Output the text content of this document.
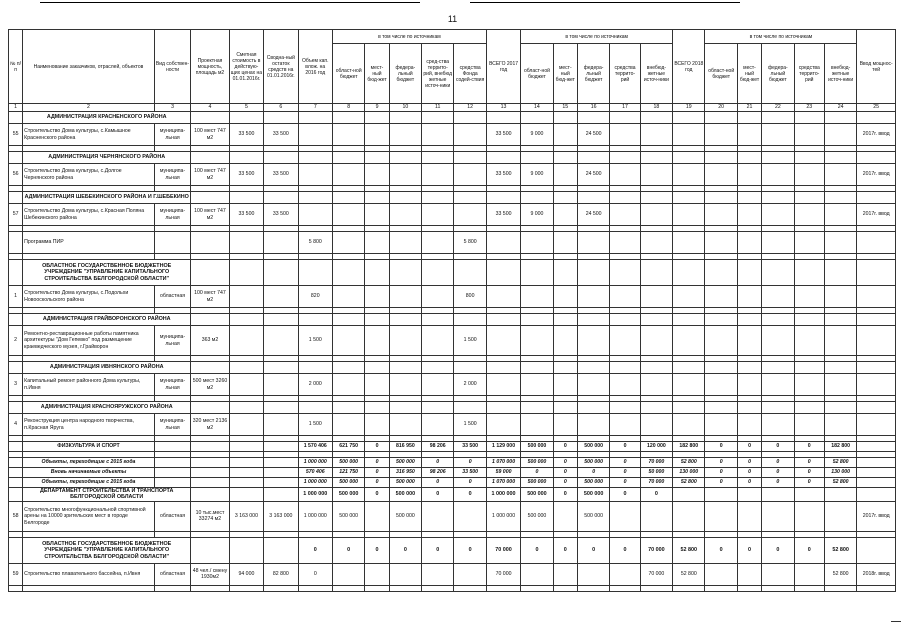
11
№ п/п	Наименование заказчиков, отраслей, объектов	Вид собствен-ности	Проектная мощность, площадь м2	Сметная стоимость в действую-щих ценах на 01.01.2016г.	Сводна-ный остаток средств на 01.01.2016г.	Объем кап. влож. на 2016 год	в том числе по источникам					ВСЕГО 2017 год	в том числе по источникам					ВСЕГО 2018 год	в том числе по источникам					Ввод мощнос-тей
							област-ной бюджет	мест-ный бюд-жет	федера-льный бюджет	сред-ства террито-рий, внебюд жетные источ-ники	средства Фонда содей-ствия		област-ной бюджет	мест-ный бюд-жет	федера-льный бюджет	средства террито-рий	внебюд-жетные источ-ники		област-ной бюджет	мест-ный бюд-жет	федера-льный бюджет	средства террито-рий	внебюд-жетные источ-ники	
1	2	3	4	5	6	7	8	9	10	11	12	13	14	15	16	17	18	19	20	21	22	23	24	25
	АДМИНИСТРАЦИЯ КРАСНЕНСКОГО РАЙОНА																							
55	Строительство Дома культуры, с.Камышное Красненского района	муниципа-льная	100 мест 747 м2	33 500	33 500							33 500	9 000		24 500									2017г. ввод

	АДМИНИСТРАЦИЯ ЧЕРНЯНСКОГО РАЙОНА																							
56	Строительство Дома культуры, с.Долгое Чернянского района	муниципа-льная	100 мест 747 м2	33 500	33 500							33 500	9 000		24 500									2017г. ввод

	АДМИНИСТРАЦИЯ ШЕБЕКИНСКОГО РАЙОНА И Г.ШЕБЕКИНО																							
57	Строительство Дома культуры, с.Красная Поляна Шебекинского района	муниципа-льная	100 мест 747 м2	33 500	33 500							33 500	9 000		24 500									2017г. ввод

	Программа ПИР					5 800					5 800													

	ОБЛАСТНОЕ ГОСУДАРСТВЕННОЕ БЮДЖЕТНОЕ УЧРЕЖДЕНИЕ "УПРАВЛЕНИЕ КАПИТАЛЬНОГО СТРОИТЕЛЬСТВА БЕЛГОРОДСКОЙ ОБЛАСТИ"																							
1	Строительство Дома культуры, с.Подольхи Новооскольского района	областная	100 мест 747 м2			820					800													

	АДМИНИСТРАЦИЯ ГРАЙВОРОНСКОГО РАЙОНА																							
2	Ремонтно-реставрационные работы памятника архитектуры "Дом Гепевко" под размещение краеведческого музея, г.Грайворон	муниципа-льная	363 м2			1 500					1 500													

	АДМИНИСТРАЦИЯ ИВНЯНСКОГО РАЙОНА																							
3	Капитальный ремонт районного Дома культуры, п.Ивня	муниципа-льная	500 мест 3260 м2			2 000					2 000													

	АДМИНИСТРАЦИЯ КРАСНОЯРУЖСКОГО РАЙОНА																							
4	Реконструкция центра народного творчества, п.Красная Яруга	муниципа-льная	320 мест 2136 м2			1 500					1 500													

	ФИЗКУЛЬТУРА И СПОРТ					1 570 406	621 750	0	816 950	98 206	33 500	1 129 000	500 000	0	500 000	0	120 000	182 800	0	0	0	0	182 800	

	Объекты, переходящие с 2015 года					1 000 000	500 000	0	500 000	0	0	1 070 000	500 000	0	500 000	0	70 000	52 800	0	0	0	0	52 800	
	Вновь начинаемые объекты					570 406	121 750	0	316 950	98 206	33 500	59 000	0	0	0	0	50 000	130 000	0	0	0	0	130 000	
	Объекты, переходящие с 2015 года					1 000 000	500 000	0	500 000	0	0	1 070 000	500 000	0	500 000	0	70 000	52 800	0	0	0	0	52 800	
	ДЕПАРТАМЕНТ СТРОИТЕЛЬСТВА И ТРАНСПОРТА БЕЛГОРОДСКОЙ ОБЛАСТИ					1 000 000	500 000	0	500 000	0	0	1 000 000	500 000	0	500 000	0	0							
58	Строительство многофункциональной спортивной арены на 10000 зрительских мест в городе Белгороде	областная	10 тыс.мест 33274 м2	3 163 000	3 163 000	1 000 000	500 000		500 000			1 000 000	500 000		500 000									2017г. ввод

	ОБЛАСТНОЕ ГОСУДАРСТВЕННОЕ БЮДЖЕТНОЕ УЧРЕЖДЕНИЕ "УПРАВЛЕНИЕ КАПИТАЛЬНОГО СТРОИТЕЛЬСТВА БЕЛГОРОДСКОЙ ОБЛАСТИ"					0	0	0	0	0	0	70 000	0	0	0	0	70 000	52 800	0	0	0	0	52 800	
59	Строительство плавательного бассейна, п.Ивня	областная	48 чел./ смену 1930м2	94 000	82 800	0						70 000					70 000	52 800					52 800	2018г. ввод
